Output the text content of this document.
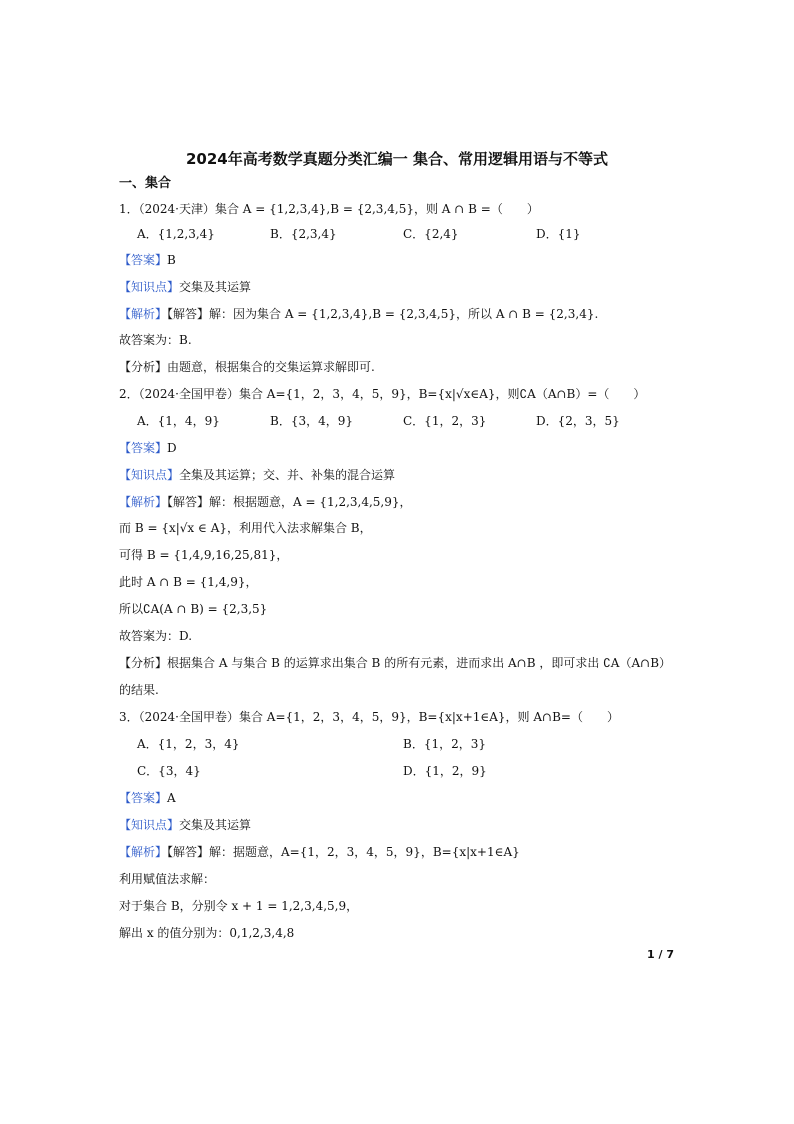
2024年高考数学真题分类汇编一 集合、常用逻辑用语与不等式
一、集合
1．（2024·天津）集合 A = {1,2,3,4},B = {2,3,4,5}，则 A ∩ B =（　　）
A．{1,2,3,4}	B．{2,3,4}	C．{2,4}	D．{1}
【答案】B
【知识点】交集及其运算
【解析】【解答】解：因为集合 A = {1,2,3,4},B = {2,3,4,5}，所以 A ∩ B = {2,3,4}.
故答案为：B.
【分析】由题意，根据集合的交集运算求解即可.
2．（2024·全国甲卷）集合 A={1，2，3，4，5，9}，B={x|√x∈A}，则∁A（A∩B）=（　　）
A．{1，4，9}	B．{3，4，9}	C．{1，2，3}	D．{2，3，5}
【答案】D
【知识点】全集及其运算；交、并、补集的混合运算
【解析】【解答】解：根据题意，A = {1,2,3,4,5,9}，
而 B = {x|√x ∈ A}，利用代入法求解集合 B，
可得 B = {1,4,9,16,25,81}，
此时 A ∩ B = {1,4,9}，
所以∁A(A ∩ B) = {2,3,5}
故答案为：D.
【分析】根据集合 A 与集合 B 的运算求出集合 B 的所有元素，进而求出 A∩B ，即可求出 ∁A（A∩B）
的结果.
3．（2024·全国甲卷）集合 A={1，2，3，4，5，9}，B={x|x+1∈A}，则 A∩B=（　　）
A．{1，2，3，4}	B．{1，2，3}
C．{3，4}	D．{1，2，9}
【答案】A
【知识点】交集及其运算
【解析】【解答】解：据题意，A={1，2，3，4，5，9}，B={x|x+1∈A}
利用赋值法求解：
对于集合 B，分别令 x + 1 = 1,2,3,4,5,9，
解出 x 的值分别为：0,1,2,3,4,8
1 / 7
